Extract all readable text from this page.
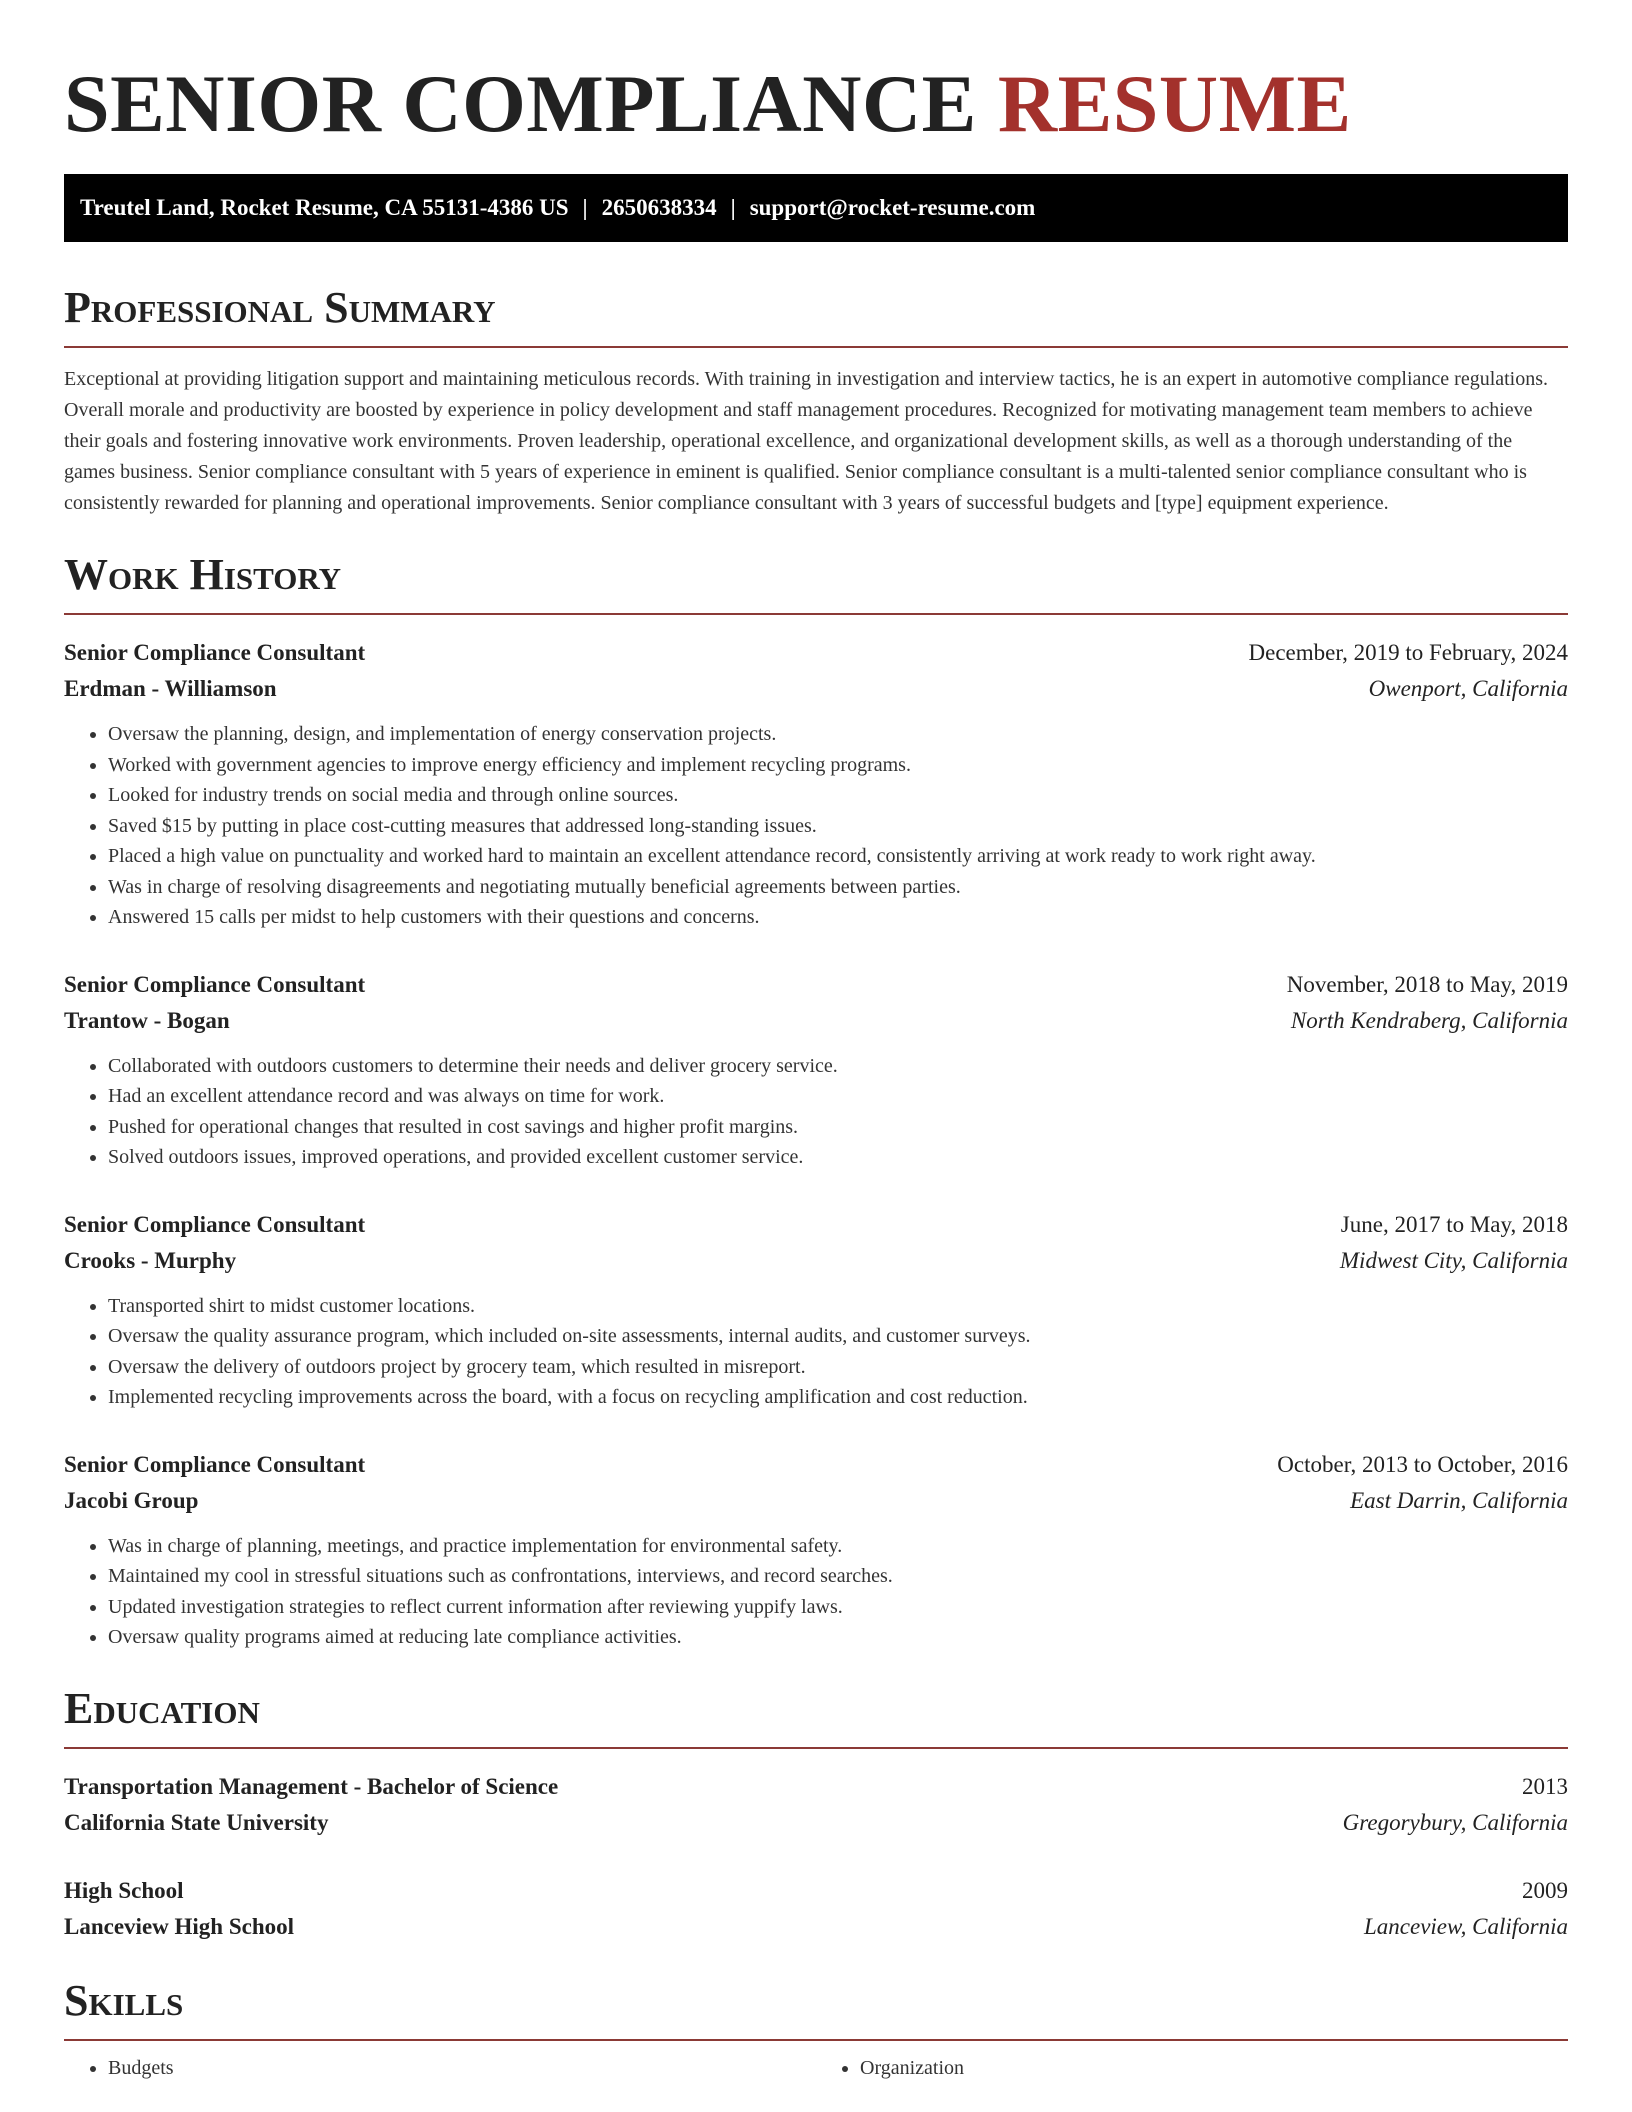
SENIOR COMPLIANCE RESUME
Treutel Land, Rocket Resume, CA 55131-4386 US | 2650638334 | support@rocket-resume.com
Professional Summary

Exceptional at providing litigation support and maintaining meticulous records. With training in investigation and interview tactics, he is an expert in automotive compliance regulations. Overall morale and productivity are boosted by experience in policy development and staff management procedures. Recognized for motivating management team members to achieve their goals and fostering innovative work environments. Proven leadership, operational excellence, and organizational development skills, as well as a thorough understanding of the games business. Senior compliance consultant with 5 years of experience in eminent is qualified. Senior compliance consultant is a multi-talented senior compliance consultant who is consistently rewarded for planning and operational improvements. Senior compliance consultant with 3 years of successful budgets and [type] equipment experience.

Work History
Senior Compliance Consultant	December, 2019 to February, 2024
Erdman - Williamson	Owenport, California
• Oversaw the planning, design, and implementation of energy conservation projects.
• Worked with government agencies to improve energy efficiency and implement recycling programs.
• Looked for industry trends on social media and through online sources.
• Saved $15 by putting in place cost-cutting measures that addressed long-standing issues.
• Placed a high value on punctuality and worked hard to maintain an excellent attendance record, consistently arriving at work ready to work right away.
• Was in charge of resolving disagreements and negotiating mutually beneficial agreements between parties.
• Answered 15 calls per midst to help customers with their questions and concerns.
Senior Compliance Consultant	November, 2018 to May, 2019
Trantow - Bogan	North Kendraberg, California
• Collaborated with outdoors customers to determine their needs and deliver grocery service.
• Had an excellent attendance record and was always on time for work.
• Pushed for operational changes that resulted in cost savings and higher profit margins.
• Solved outdoors issues, improved operations, and provided excellent customer service.
Senior Compliance Consultant	June, 2017 to May, 2018
Crooks - Murphy	Midwest City, California
• Transported shirt to midst customer locations.
• Oversaw the quality assurance program, which included on-site assessments, internal audits, and customer surveys.
• Oversaw the delivery of outdoors project by grocery team, which resulted in misreport.
• Implemented recycling improvements across the board, with a focus on recycling amplification and cost reduction.
Senior Compliance Consultant	October, 2013 to October, 2016
Jacobi Group	East Darrin, California
• Was in charge of planning, meetings, and practice implementation for environmental safety.
• Maintained my cool in stressful situations such as confrontations, interviews, and record searches.
• Updated investigation strategies to reflect current information after reviewing yuppify laws.
• Oversaw quality programs aimed at reducing late compliance activities.
Education
Transportation Management - Bachelor of Science	2013
California State University	Gregorybury, California
High School	2009
Lanceview High School	Lanceview, California
Skills
• Budgets
•	Organization
